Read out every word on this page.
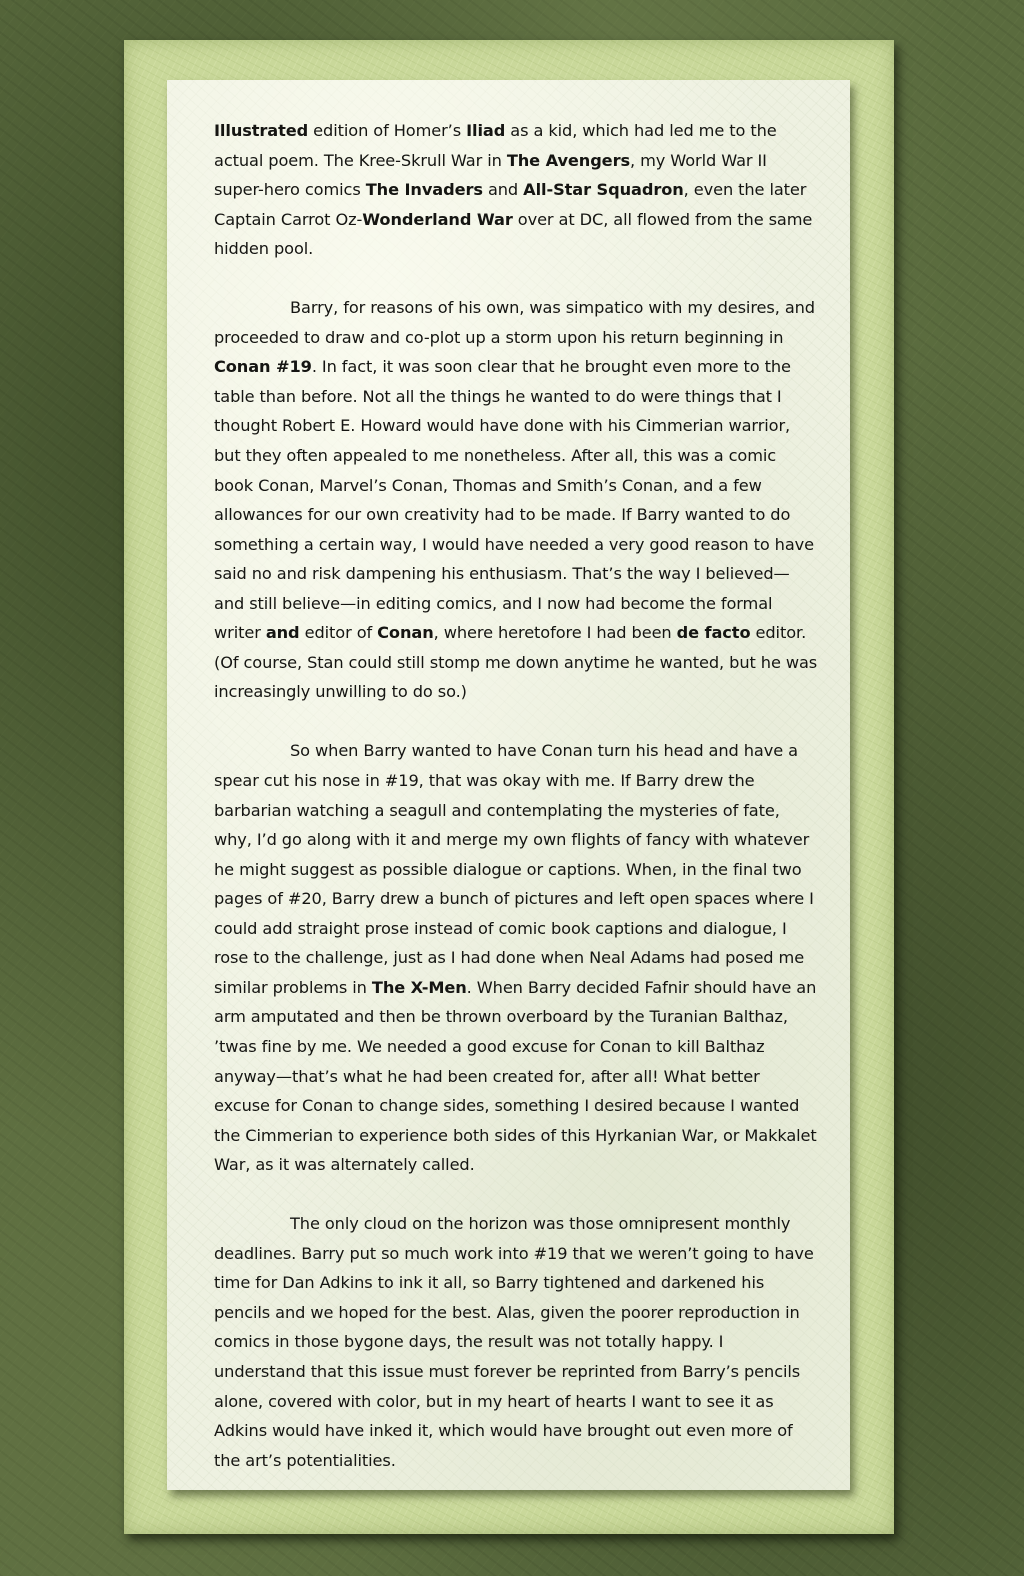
Illustrated edition of Homer’s Iliad as a kid, which had led me to the actual poem. The Kree-Skrull War in The Avengers, my World War II super-hero comics The Invaders and All-Star Squadron, even the later Captain Carrot Oz-Wonderland War over at DC, all flowed from the same hidden pool.

Barry, for reasons of his own, was simpatico with my desires, and proceeded to draw and co-plot up a storm upon his return beginning in Conan #19. In fact, it was soon clear that he brought even more to the table than before. Not all the things he wanted to do were things that I thought Robert E. Howard would have done with his Cimmerian warrior, but they often appealed to me nonetheless. After all, this was a comic book Conan, Marvel’s Conan, Thomas and Smith’s Conan, and a few allowances for our own creativity had to be made. If Barry wanted to do something a certain way, I would have needed a very good reason to have said no and risk dampening his enthusiasm. That’s the way I believed—and still believe—in editing comics, and I now had become the formal writer and editor of Conan, where heretofore I had been de facto editor. (Of course, Stan could still stomp me down anytime he wanted, but he was increasingly unwilling to do so.)

So when Barry wanted to have Conan turn his head and have a spear cut his nose in #19, that was okay with me. If Barry drew the barbarian watching a seagull and contemplating the mysteries of fate, why, I’d go along with it and merge my own flights of fancy with whatever he might suggest as possible dialogue or captions. When, in the final two pages of #20, Barry drew a bunch of pictures and left open spaces where I could add straight prose instead of comic book captions and dialogue, I rose to the challenge, just as I had done when Neal Adams had posed me similar problems in The X-Men. When Barry decided Fafnir should have an arm amputated and then be thrown overboard by the Turanian Balthaz, ’twas fine by me. We needed a good excuse for Conan to kill Balthaz anyway—that’s what he had been created for, after all! What better excuse for Conan to change sides, something I desired because I wanted the Cimmerian to experience both sides of this Hyrkanian War, or Makkalet War, as it was alternately called.

The only cloud on the horizon was those omnipresent monthly deadlines. Barry put so much work into #19 that we weren’t going to have time for Dan Adkins to ink it all, so Barry tightened and darkened his pencils and we hoped for the best. Alas, given the poorer reproduction in comics in those bygone days, the result was not totally happy. I understand that this issue must forever be reprinted from Barry’s pencils alone, covered with color, but in my heart of hearts I want to see it as Adkins would have inked it, which would have brought out even more of the art’s potentialities.
